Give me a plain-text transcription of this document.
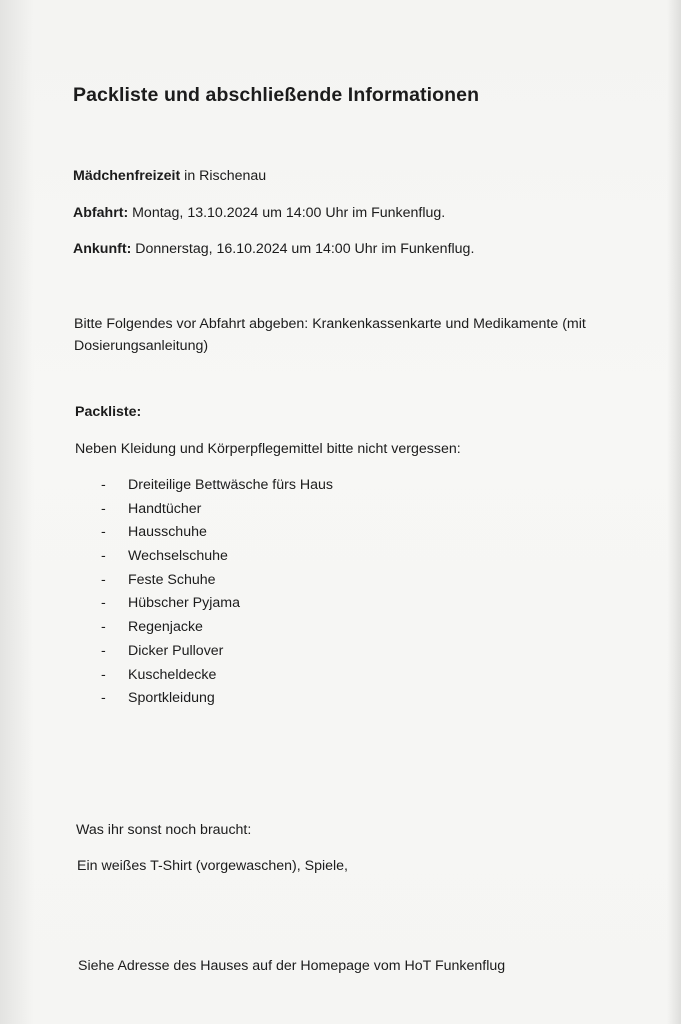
Packliste und abschließende Informationen
Mädchenfreizeit in Rischenau
Abfahrt: Montag, 13.10.2024 um 14:00 Uhr im Funkenflug.
Ankunft: Donnerstag, 16.10.2024 um 14:00 Uhr im Funkenflug.
Bitte Folgendes vor Abfahrt abgeben: Krankenkassenkarte und Medikamente (mit Dosierungsanleitung)
Packliste:
Neben Kleidung und Körperpflegemittel bitte nicht vergessen:
- Dreiteilige Bettwäsche fürs Haus
- Handtücher
- Hausschuhe
- Wechselschuhe
- Feste Schuhe
- Hübscher Pyjama
- Regenjacke
- Dicker Pullover
- Kuscheldecke
- Sportkleidung
Was ihr sonst noch braucht:
Ein weißes T-Shirt (vorgewaschen), Spiele,
Siehe Adresse des Hauses auf der Homepage vom HoT Funkenflug
